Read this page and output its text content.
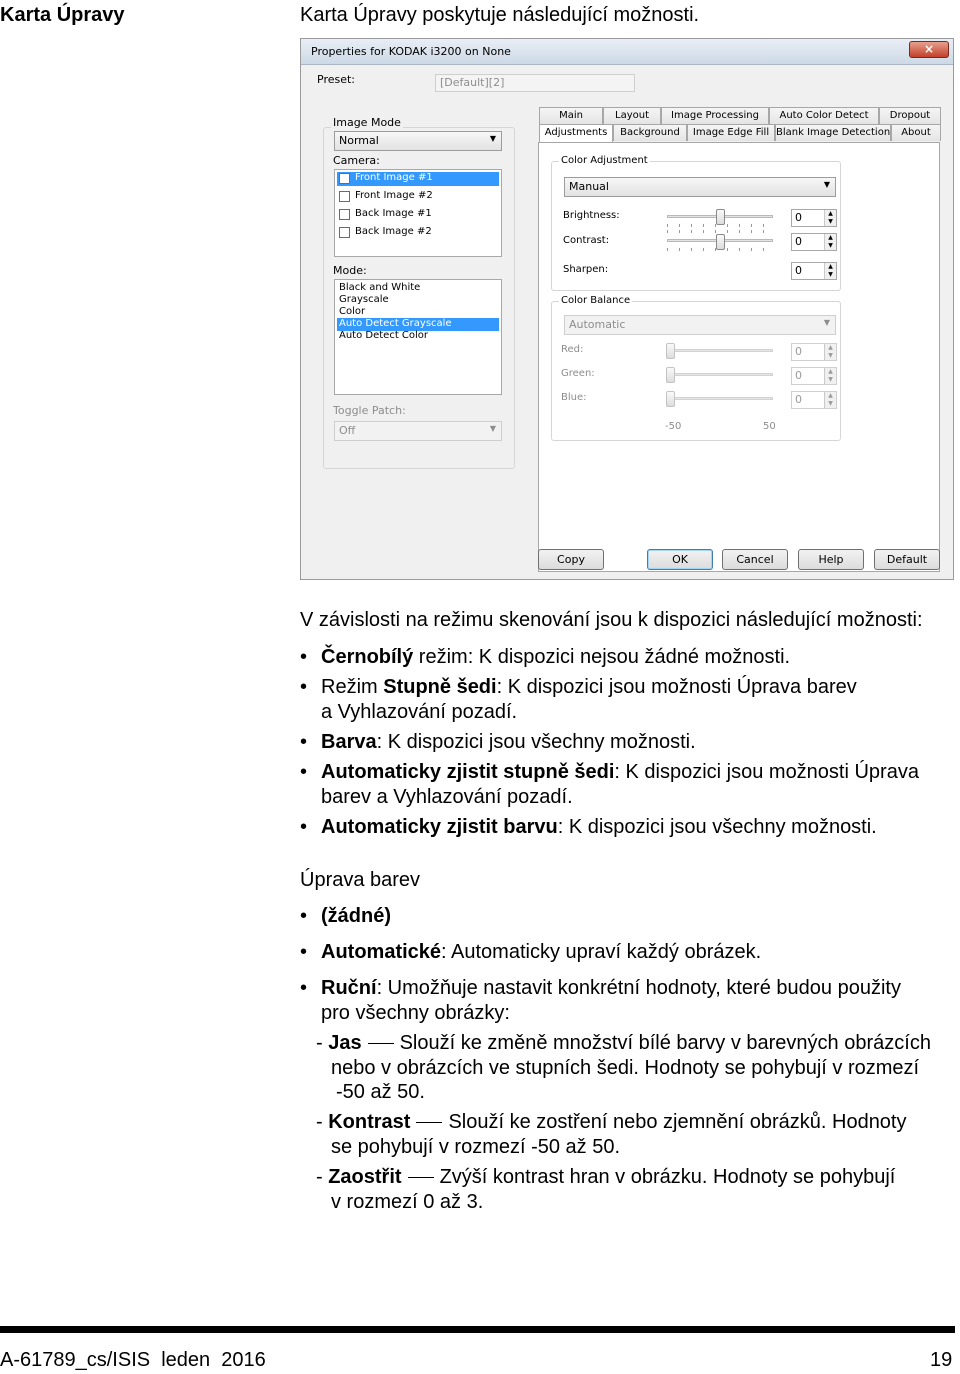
Karta Úpravy	Karta Úpravy poskytuje následující možnosti.
Properties for KODAK i3200 on None	×
Preset:	[Default][2]
Image Mode
Normal	▼
Camera:
✓ Front Image #1
Front Image #2
Back Image #1
Back Image #2
Mode:
Black and White
Grayscale
Color
Auto Detect Grayscale
Auto Detect Color
Toggle Patch:
Off	▼
Main	Layout	Image Processing	Auto Color Detect	Dropout
Adjustments	Background	Image Edge Fill Blank Image Detection	About
Color Adjustment
Manual	▼
Brightness:	0	▲
▼
Contrast:	0	▲
▼
Sharpen:	0	▲
▼
Color Balance
Automatic	▼
Red:	0	▲
▼
Green:	0	▲
▼
Blue:	0	▲
▼
-50	50
Copy	OK	Cancel	Help	Default
V závislosti na režimu skenování jsou k dispozici následující možnosti:
• Černobílý režim: K dispozici nejsou žádné možnosti.
• Režim Stupně šedi: K dispozici jsou možnosti Úprava barev
a Vyhlazování pozadí.
• Barva: K dispozici jsou všechny možnosti.
• Automaticky zjistit stupně šedi: K dispozici jsou možnosti Úprava
barev a Vyhlazování pozadí.
• Automaticky zjistit barvu: K dispozici jsou všechny možnosti.
Úprava barev
• (žádné)
• Automatické: Automaticky upraví každý obrázek.
• Ruční: Umožňuje nastavit konkrétní hodnoty, které budou použity
pro všechny obrázky:
- Jas Slouží ke změně množství bílé barvy v barevných obrázcích
nebo v obrázcích ve stupních šedi. Hodnoty se pohybují v rozmezí
-50 až 50.
- Kontrast Slouží ke zostření nebo zjemnění obrázků. Hodnoty
se pohybují v rozmezí -50 až 50.
- Zaostřit Zvýší kontrast hran v obrázku. Hodnoty se pohybují
v rozmezí 0 až 3.
A-61789_cs/ISIS  leden  2016	19
